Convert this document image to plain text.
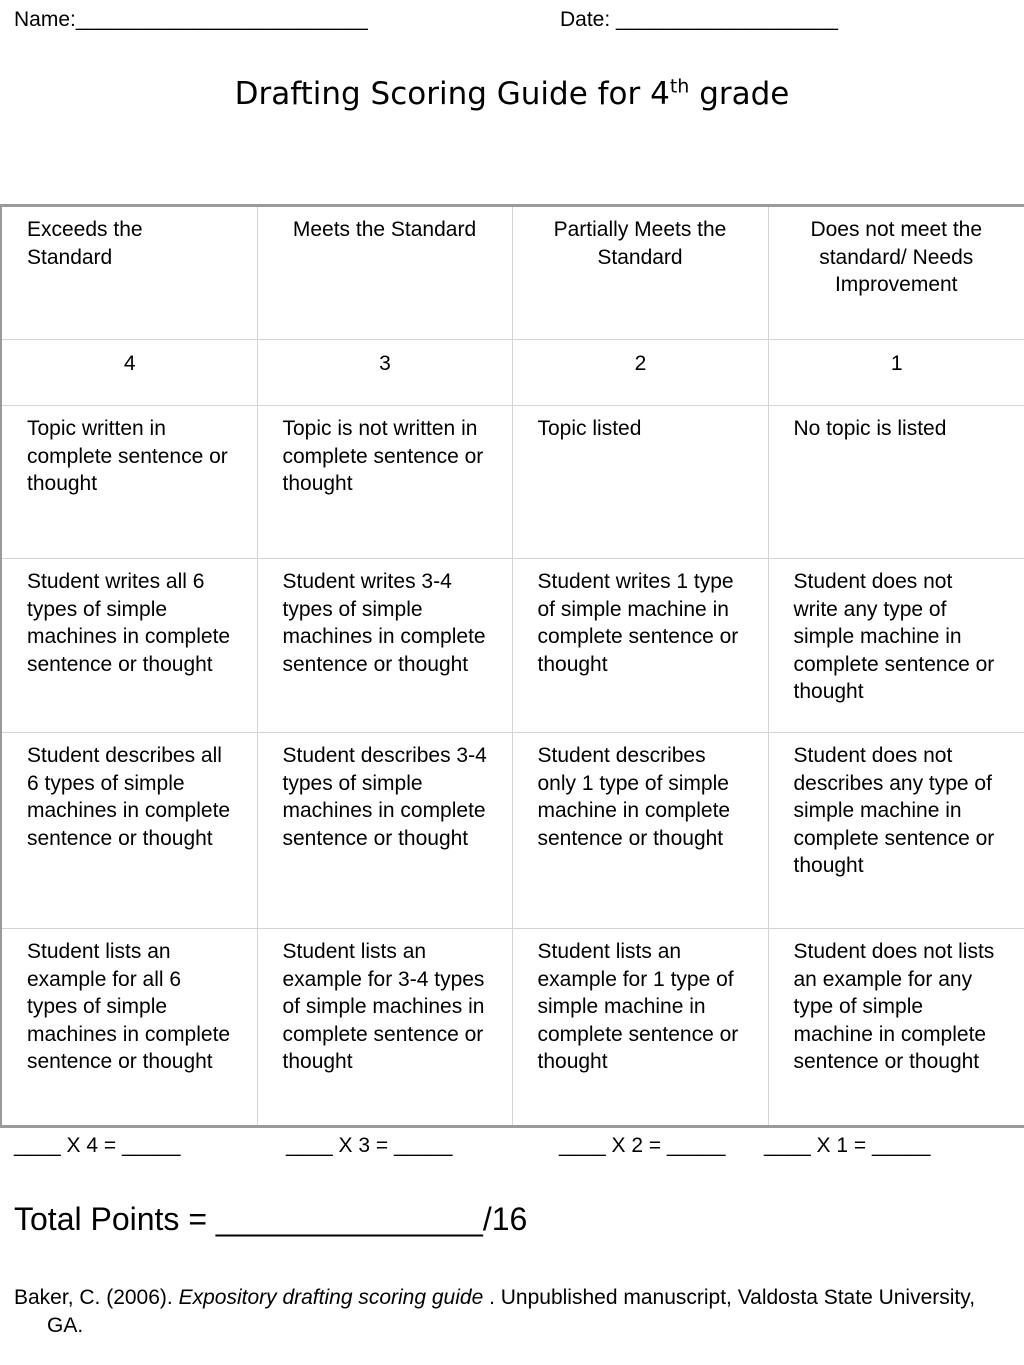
Name:_________________________	Date: ___________________
Drafting Scoring Guide for 4th grade
Exceeds the Standard	Meets the Standard	Partially Meets the Standard	Does not meet the standard/ Needs Improvement
4	3	2	1
Topic written in complete sentence or thought	Topic is not written in complete sentence or thought	Topic listed	No topic is listed
Student writes all 6 types of simple machines in complete sentence or thought	Student writes 3-4 types of simple machines in complete sentence or thought	Student writes 1 type of simple machine in complete sentence or thought	Student does not write any type of simple machine in complete sentence or thought
Student describes all 6 types of simple machines in complete sentence or thought	Student describes 3-4 types of simple machines in complete sentence or thought	Student describes only 1 type of simple machine in complete sentence or thought	Student does not describes any type of simple machine in complete sentence or thought
Student lists an example for all 6 types of simple machines in complete sentence or thought	Student lists an example for 3-4 types of simple machines in complete sentence or thought	Student lists an example for 1 type of simple machine in complete sentence or thought	Student does not lists an example for any type of simple machine in complete sentence or thought
____ X 4 = _____	____ X 3 = _____	____ X 2 = _____ ____ X 1 = _____
Total Points = _______________/16
Baker, C. (2006). Expository drafting scoring guide . Unpublished manuscript, Valdosta State University, GA.
